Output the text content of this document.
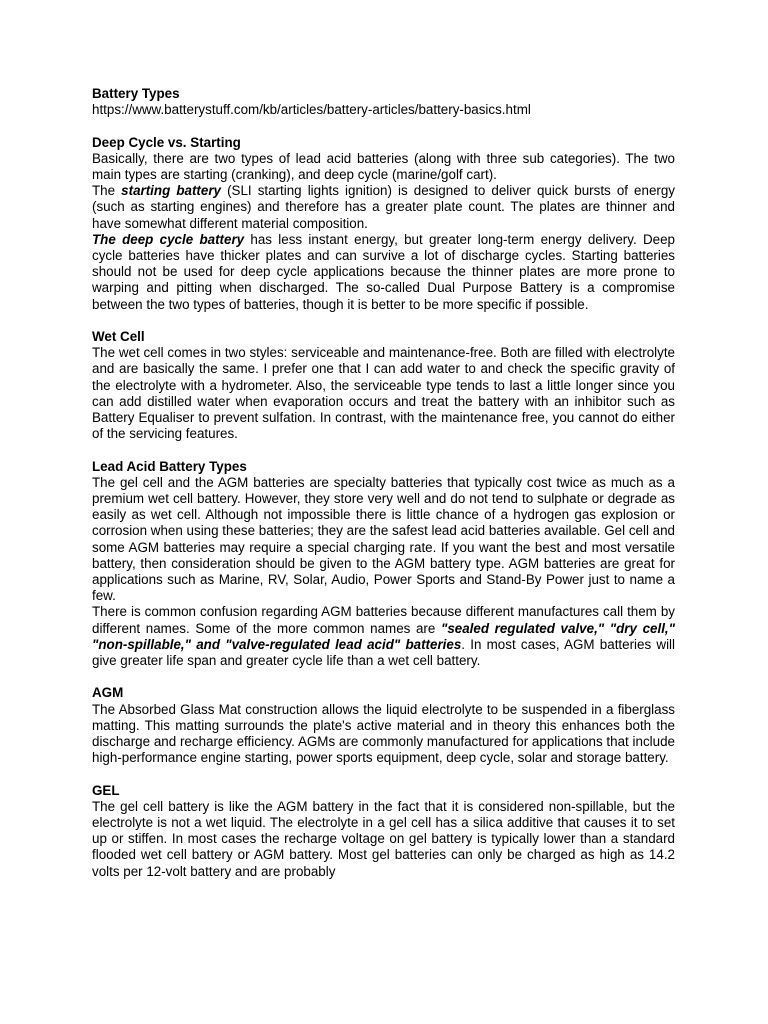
Battery Types

https://www.batterystuff.com/kb/articles/battery-articles/battery-basics.html

Deep Cycle vs. Starting

Basically, there are two types of lead acid batteries (along with three sub categories). The two main types are starting (cranking), and deep cycle (marine/golf cart).

The starting battery (SLI starting lights ignition) is designed to deliver quick bursts of energy (such as starting engines) and therefore has a greater plate count. The plates are thinner and have somewhat different material composition.

The deep cycle battery has less instant energy, but greater long-term energy delivery. Deep cycle batteries have thicker plates and can survive a lot of discharge cycles. Starting batteries should not be used for deep cycle applications because the thinner plates are more prone to warping and pitting when discharged. The so-called Dual Purpose Battery is a compromise between the two types of batteries, though it is better to be more specific if possible.

Wet Cell

The wet cell comes in two styles: serviceable and maintenance-free. Both are filled with electrolyte and are basically the same. I prefer one that I can add water to and check the specific gravity of the electrolyte with a hydrometer. Also, the serviceable type tends to last a little longer since you can add distilled water when evaporation occurs and treat the battery with an inhibitor such as Battery Equaliser to prevent sulfation. In contrast, with the maintenance free, you cannot do either of the servicing features.

Lead Acid Battery Types

The gel cell and the AGM batteries are specialty batteries that typically cost twice as much as a premium wet cell battery. However, they store very well and do not tend to sulphate or degrade as easily as wet cell. Although not impossible there is little chance of a hydrogen gas explosion or corrosion when using these batteries; they are the safest lead acid batteries available. Gel cell and some AGM batteries may require a special charging rate. If you want the best and most versatile battery, then consideration should be given to the AGM battery type. AGM batteries are great for applications such as Marine, RV, Solar, Audio, Power Sports and Stand-By Power just to name a few.

There is common confusion regarding AGM batteries because different manufactures call them by different names. Some of the more common names are "sealed regulated valve," "dry cell," "non-spillable," and "valve-regulated lead acid" batteries. In most cases, AGM batteries will give greater life span and greater cycle life than a wet cell battery.

AGM

The Absorbed Glass Mat construction allows the liquid electrolyte to be suspended in a fiberglass matting. This matting surrounds the plate's active material and in theory this enhances both the discharge and recharge efficiency. AGMs are commonly manufactured for applications that include high-performance engine starting, power sports equipment, deep cycle, solar and storage battery.

GEL

The gel cell battery is like the AGM battery in the fact that it is considered non-spillable, but the electrolyte is not a wet liquid. The electrolyte in a gel cell has a silica additive that causes it to set up or stiffen. In most cases the recharge voltage on gel battery is typically lower than a standard flooded wet cell battery or AGM battery. Most gel batteries can only be charged as high as 14.2 volts per 12-volt battery and are probably
